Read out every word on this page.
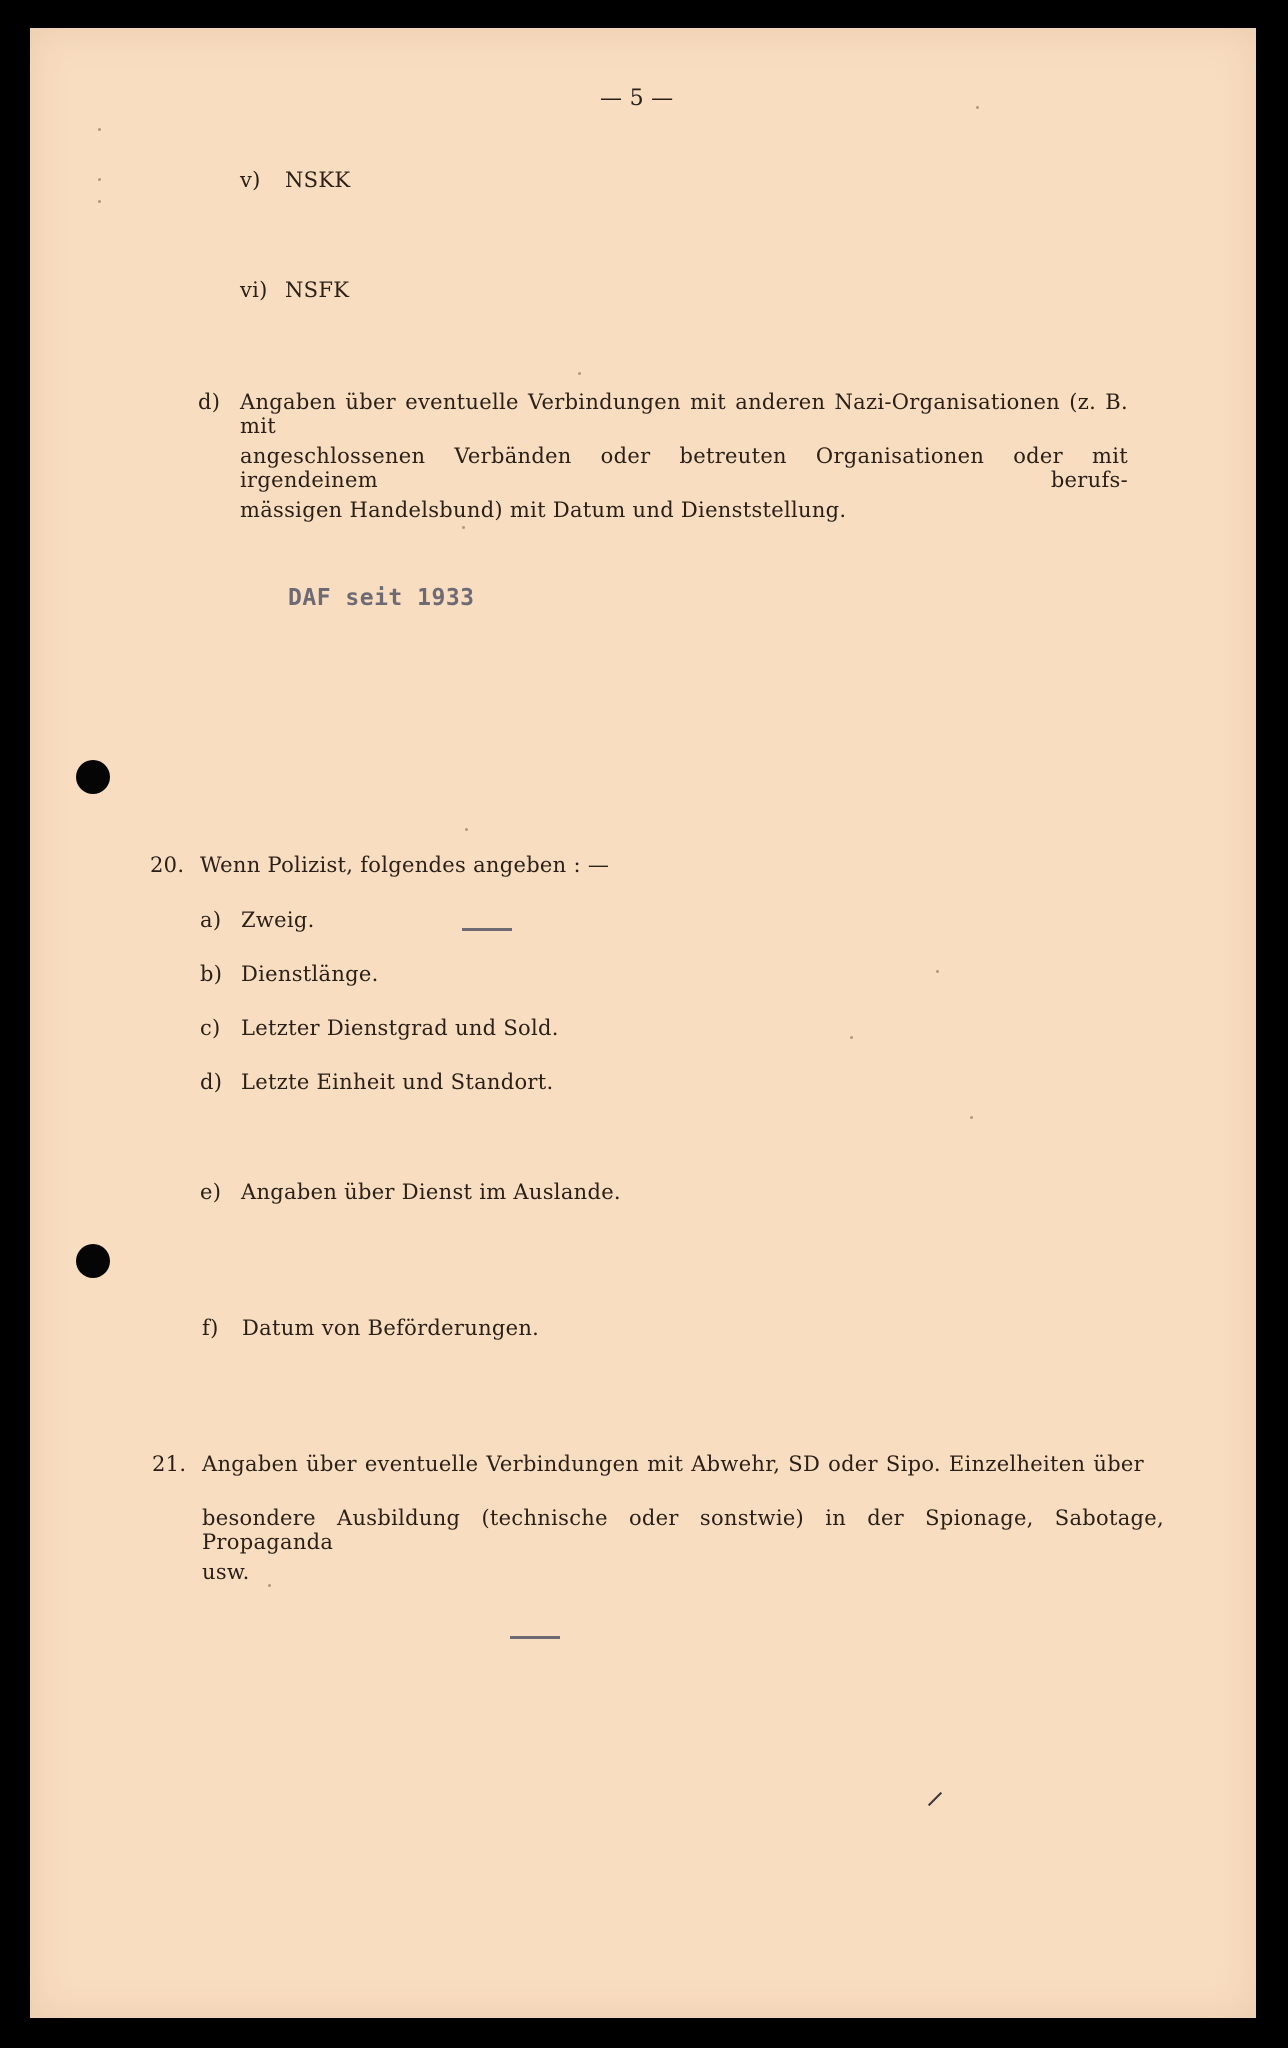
— 5 —
v) NSKK
vi) NSFK
d) Angaben über eventuelle Verbindungen mit anderen Nazi-Organisationen (z. B. mit
angeschlossenen Verbänden oder betreuten Organisationen oder mit irgendeinem berufs-
mässigen Handelsbund) mit Datum und Dienststellung.
DAF seit 1933
20. Wenn Polizist, folgendes angeben : —
a) Zweig.
b) Dienstlänge.
c) Letzter Dienstgrad und Sold.
d) Letzte Einheit und Standort.
e) Angaben über Dienst im Auslande.
f) Datum von Beförderungen.
21. Angaben über eventuelle Verbindungen mit Abwehr, SD oder Sipo. Einzelheiten über
besondere Ausbildung (technische oder sonstwie) in der Spionage, Sabotage, Propaganda
usw.
